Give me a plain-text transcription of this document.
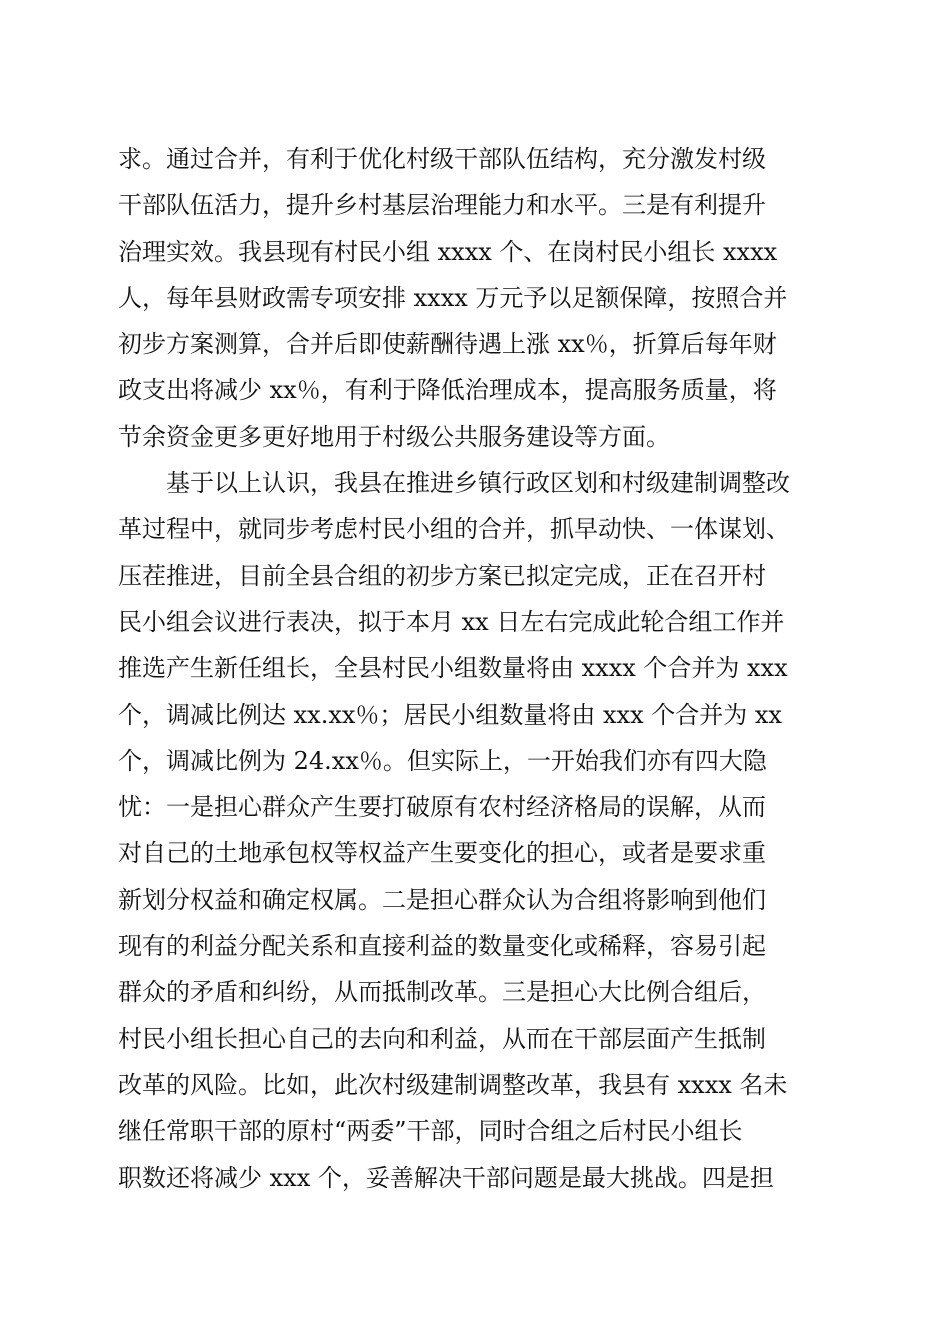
求。通过合并，有利于优化村级干部队伍结构，充分激发村级
干部队伍活力，提升乡村基层治理能力和水平。三是有利提升
治理实效。我县现有村民小组 xxxx 个、在岗村民小组长 xxxx
人，每年县财政需专项安排 xxxx 万元予以足额保障，按照合并
初步方案测算，合并后即使薪酬待遇上涨 xx％，折算后每年财
政支出将减少 xx％，有利于降低治理成本，提高服务质量，将
节余资金更多更好地用于村级公共服务建设等方面。
基于以上认识，我县在推进乡镇行政区划和村级建制调整改
革过程中，就同步考虑村民小组的合并，抓早动快、一体谋划、
压茬推进，目前全县合组的初步方案已拟定完成，正在召开村
民小组会议进行表决，拟于本月 xx 日左右完成此轮合组工作并
推选产生新任组长，全县村民小组数量将由 xxxx 个合并为 xxx
个，调减比例达 xx.xx％；居民小组数量将由 xxx 个合并为 xx
个，调减比例为 24.xx％。但实际上，一开始我们亦有四大隐
忧：一是担心群众产生要打破原有农村经济格局的误解，从而
对自己的土地承包权等权益产生要变化的担心，或者是要求重
新划分权益和确定权属。二是担心群众认为合组将影响到他们
现有的利益分配关系和直接利益的数量变化或稀释，容易引起
群众的矛盾和纠纷，从而抵制改革。三是担心大比例合组后，
村民小组长担心自己的去向和利益，从而在干部层面产生抵制
改革的风险。比如，此次村级建制调整改革，我县有 xxxx 名未
继任常职干部的原村“两委”干部，同时合组之后村民小组长
职数还将减少 xxx 个，妥善解决干部问题是最大挑战。四是担
